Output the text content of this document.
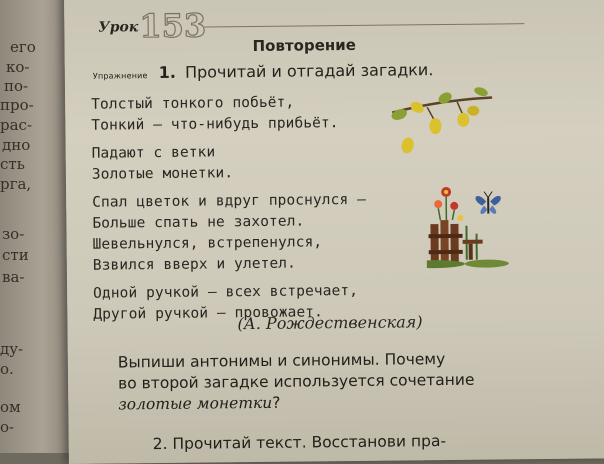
его
ко-
по-
про-
рас-
дно
сть
рга,
зо-
сти
ва-
ду-
о.
ом
о-
Урок 153
Повторение
Упражнение 1. Прочитай и отгадай загадки.
Толстый тонкого побьёт,
Тонкий — что-нибудь прибьёт.
Падают с ветки
Золотые монетки.
Спал цветок и вдруг проснулся —
Больше спать не захотел.
Шевельнулся, встрепенулся,
Взвился вверх и улетел.
Одной ручкой — всех встречает,
Другой ручкой — провожает.
(А. Рождественская)
Выпиши антонимы и синонимы. Почему
во второй загадке используется сочетание
золотые монетки?
2. Прочитай текст. Восстанови пра-
